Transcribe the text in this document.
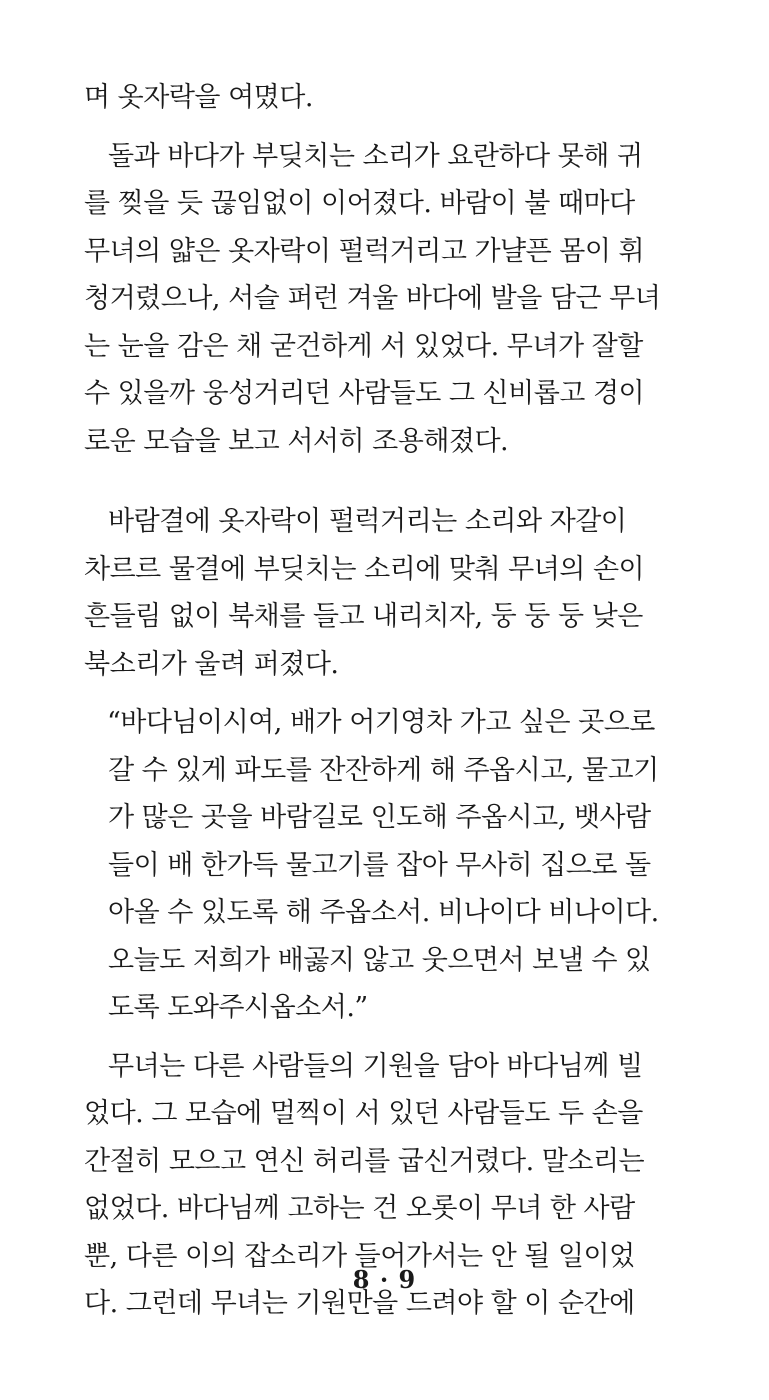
며 옷자락을 여몄다.
돌과 바다가 부딪치는 소리가 요란하다 못해 귀
를 찢을 듯 끊임없이 이어졌다. 바람이 불 때마다
무녀의 얇은 옷자락이 펄럭거리고 가냘픈 몸이 휘
청거렸으나, 서슬 퍼런 겨울 바다에 발을 담근 무녀
는 눈을 감은 채 굳건하게 서 있었다. 무녀가 잘할
수 있을까 웅성거리던 사람들도 그 신비롭고 경이
로운 모습을 보고 서서히 조용해졌다.
바람결에 옷자락이 펄럭거리는 소리와 자갈이
차르르 물결에 부딪치는 소리에 맞춰 무녀의 손이
흔들림 없이 북채를 들고 내리치자, 둥 둥 둥 낮은
북소리가 울려 퍼졌다.
“바다님이시여, 배가 어기영차 가고 싶은 곳으로
갈 수 있게 파도를 잔잔하게 해 주옵시고, 물고기
가 많은 곳을 바람길로 인도해 주옵시고, 뱃사람
들이 배 한가득 물고기를 잡아 무사히 집으로 돌
아올 수 있도록 해 주옵소서. 비나이다 비나이다.
오늘도 저희가 배곯지 않고 웃으면서 보낼 수 있
도록 도와주시옵소서.”
무녀는 다른 사람들의 기원을 담아 바다님께 빌
었다. 그 모습에 멀찍이 서 있던 사람들도 두 손을
간절히 모으고 연신 허리를 굽신거렸다. 말소리는
없었다. 바다님께 고하는 건 오롯이 무녀 한 사람
뿐, 다른 이의 잡소리가 들어가서는 안 될 일이었
다. 그런데 무녀는 기원만을 드려야 할 이 순간에
8 · 9
